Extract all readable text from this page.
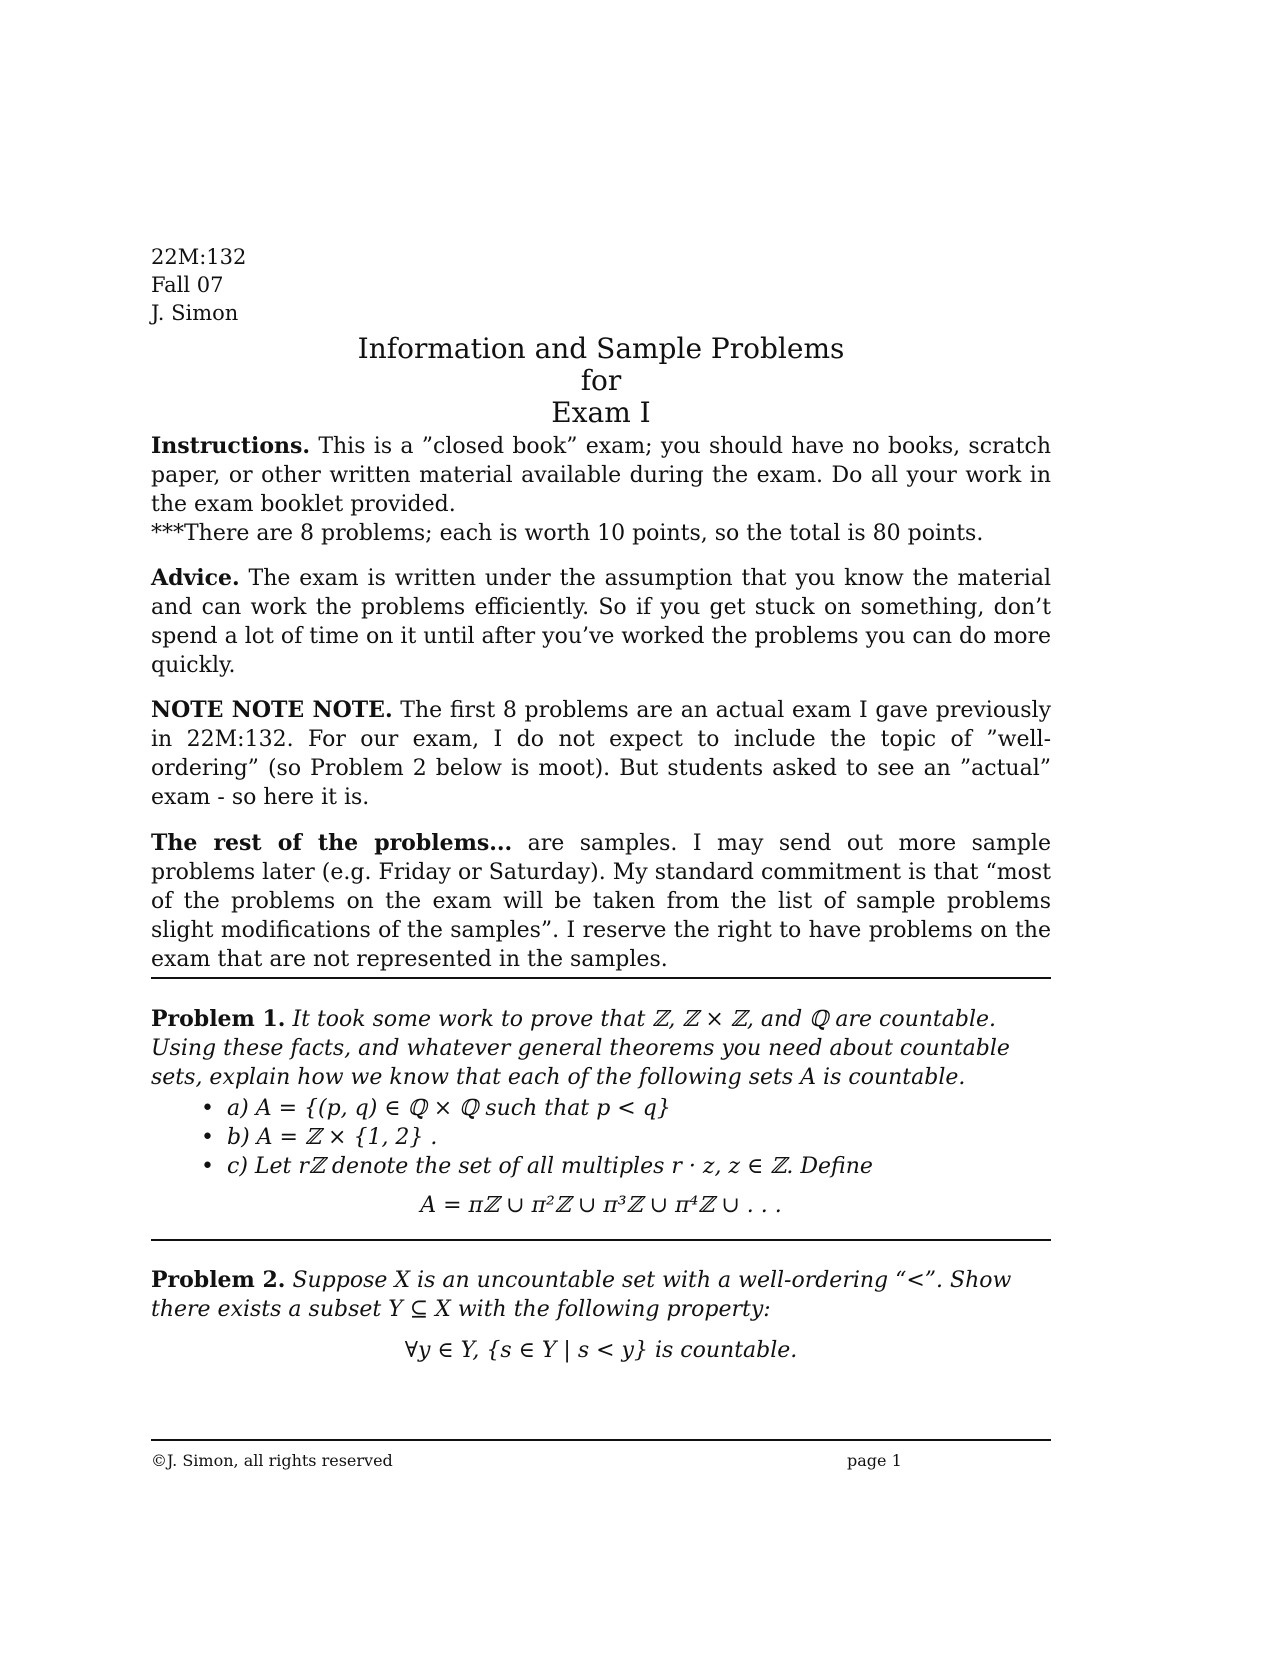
22M:132
Fall 07
J. Simon
Information and Sample Problems
for
Exam I
Instructions. This is a ”closed book” exam; you should have no books, scratch paper, or other written material available during the exam. Do all your work in the exam booklet provided.
***There are 8 problems; each is worth 10 points, so the total is 80 points.
Advice. The exam is written under the assumption that you know the material and can work the problems efficiently. So if you get stuck on something, don’t spend a lot of time on it until after you’ve worked the problems you can do more quickly.
NOTE NOTE NOTE. The first 8 problems are an actual exam I gave previously in 22M:132. For our exam, I do not expect to include the topic of ”well-ordering” (so Problem 2 below is moot). But students asked to see an ”actual” exam - so here it is.
The rest of the problems... are samples. I may send out more sample problems later (e.g. Friday or Saturday). My standard commitment is that “most of the problems on the exam will be taken from the list of sample problems slight modifications of the samples”. I reserve the right to have problems on the exam that are not represented in the samples.
Problem 1. It took some work to prove that ℤ, ℤ × ℤ, and ℚ are countable. Using these facts, and whatever general theorems you need about countable sets, explain how we know that each of the following sets A is countable.
• a) A = {(p, q) ∈ ℚ × ℚ such that p < q}
• b) A = ℤ × {1, 2} .
• c) Let rℤ denote the set of all multiples r · z, z ∈ ℤ. Define
A = πℤ ∪ π²ℤ ∪ π³ℤ ∪ π⁴ℤ ∪ . . .
Problem 2. Suppose X is an uncountable set with a well-ordering “<”. Show there exists a subset Y ⊆ X with the following property:
∀y ∈ Y, {s ∈ Y | s < y} is countable.
©J. Simon, all rights reserved	page 1
